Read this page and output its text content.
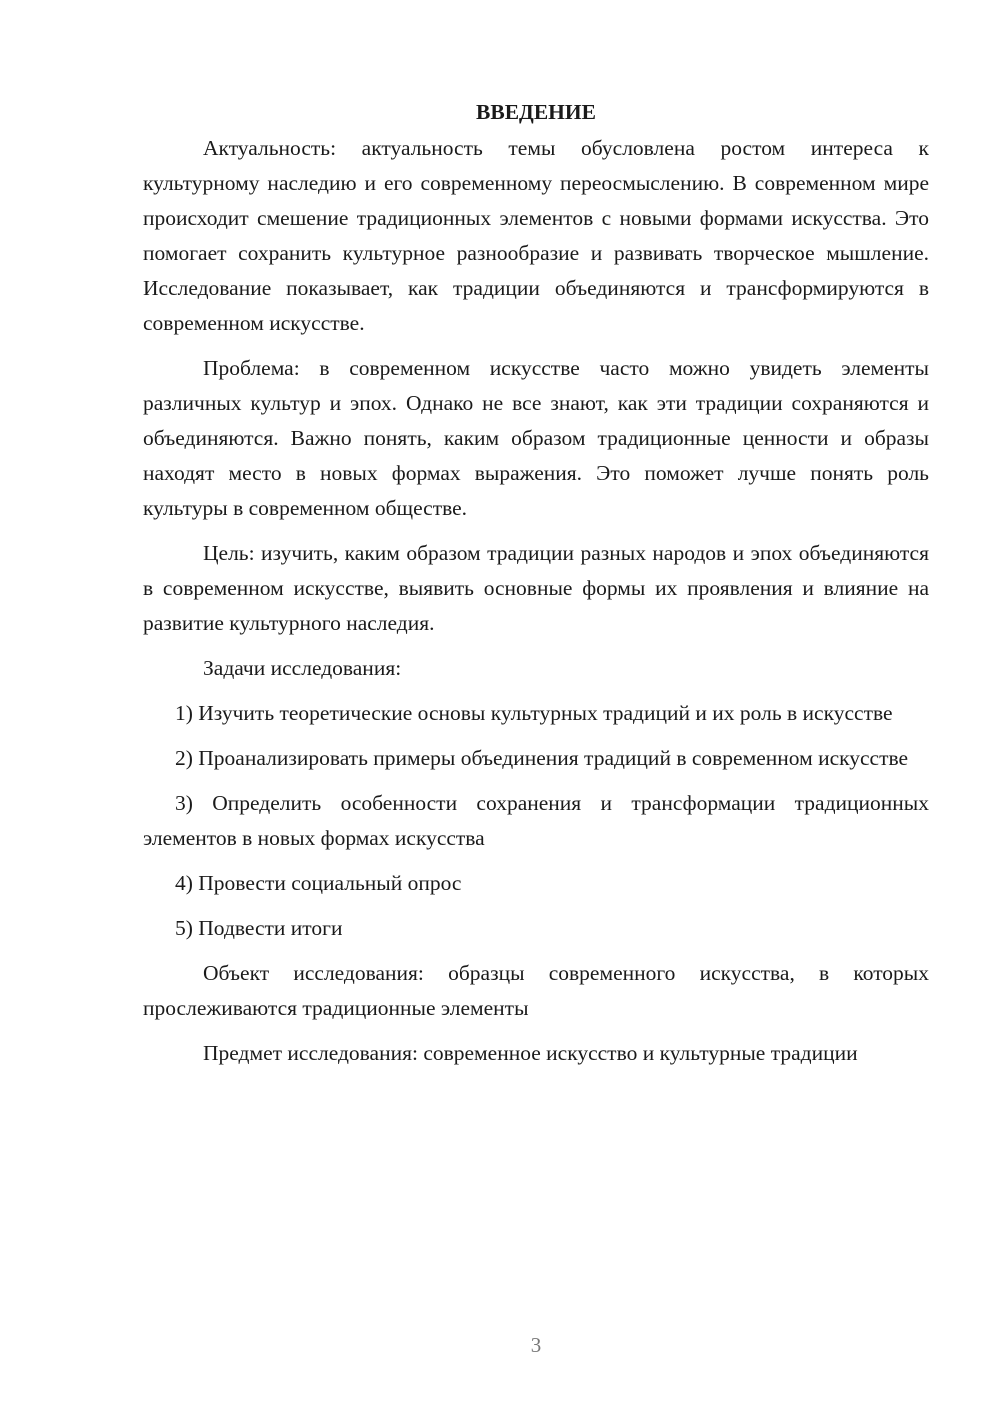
ВВЕДЕНИЕ

Актуальность: актуальность темы обусловлена ростом интереса к культурному наследию и его современному переосмыслению. В современном мире происходит смешение традиционных элементов с новыми формами искусства. Это помогает сохранить культурное разнообразие и развивать творческое мышление. Исследование показывает, как традиции объединяются и трансформируются в современном искусстве.

Проблема: в современном искусстве часто можно увидеть элементы различных культур и эпох. Однако не все знают, как эти традиции сохраняются и объединяются. Важно понять, каким образом традиционные ценности и образы находят место в новых формах выражения. Это поможет лучше понять роль культуры в современном обществе.

Цель: изучить, каким образом традиции разных народов и эпох объединяются в современном искусстве, выявить основные формы их проявления и влияние на развитие культурного наследия.

Задачи исследования:

1) Изучить теоретические основы культурных традиций и их роль в искусстве

2) Проанализировать примеры объединения традиций в современном искусстве

3) Определить особенности сохранения и трансформации традиционных элементов в новых формах искусства

4) Провести социальный опрос

5) Подвести итоги

Объект исследования: образцы современного искусства, в которых прослеживаются традиционные элементы

Предмет исследования: современное искусство и культурные традиции

3
